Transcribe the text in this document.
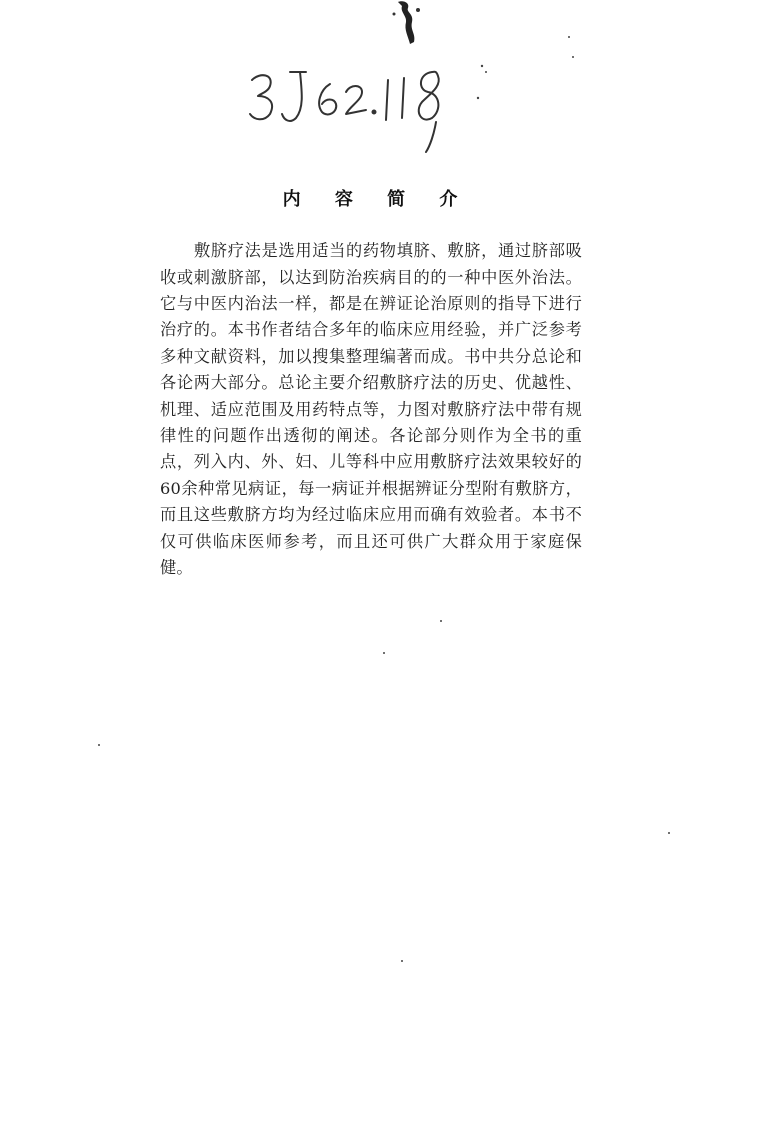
内 容 简 介

敷脐疗法是选用适当的药物填脐、敷脐，通过脐部吸收或刺激脐部，以达到防治疾病目的的一种中医外治法。它与中医内治法一样，都是在辨证论治原则的指导下进行治疗的。本书作者结合多年的临床应用经验，并广泛参考多种文献资料，加以搜集整理编著而成。书中共分总论和各论两大部分。总论主要介绍敷脐疗法的历史、优越性、机理、适应范围及用药特点等，力图对敷脐疗法中带有规律性的问题作出透彻的阐述。各论部分则作为全书的重点，列入内、外、妇、儿等科中应用敷脐疗法效果较好的60余种常见病证，每一病证并根据辨证分型附有敷脐方，而且这些敷脐方均为经过临床应用而确有效验者。本书不仅可供临床医师参考，而且还可供广大群众用于家庭保健。
